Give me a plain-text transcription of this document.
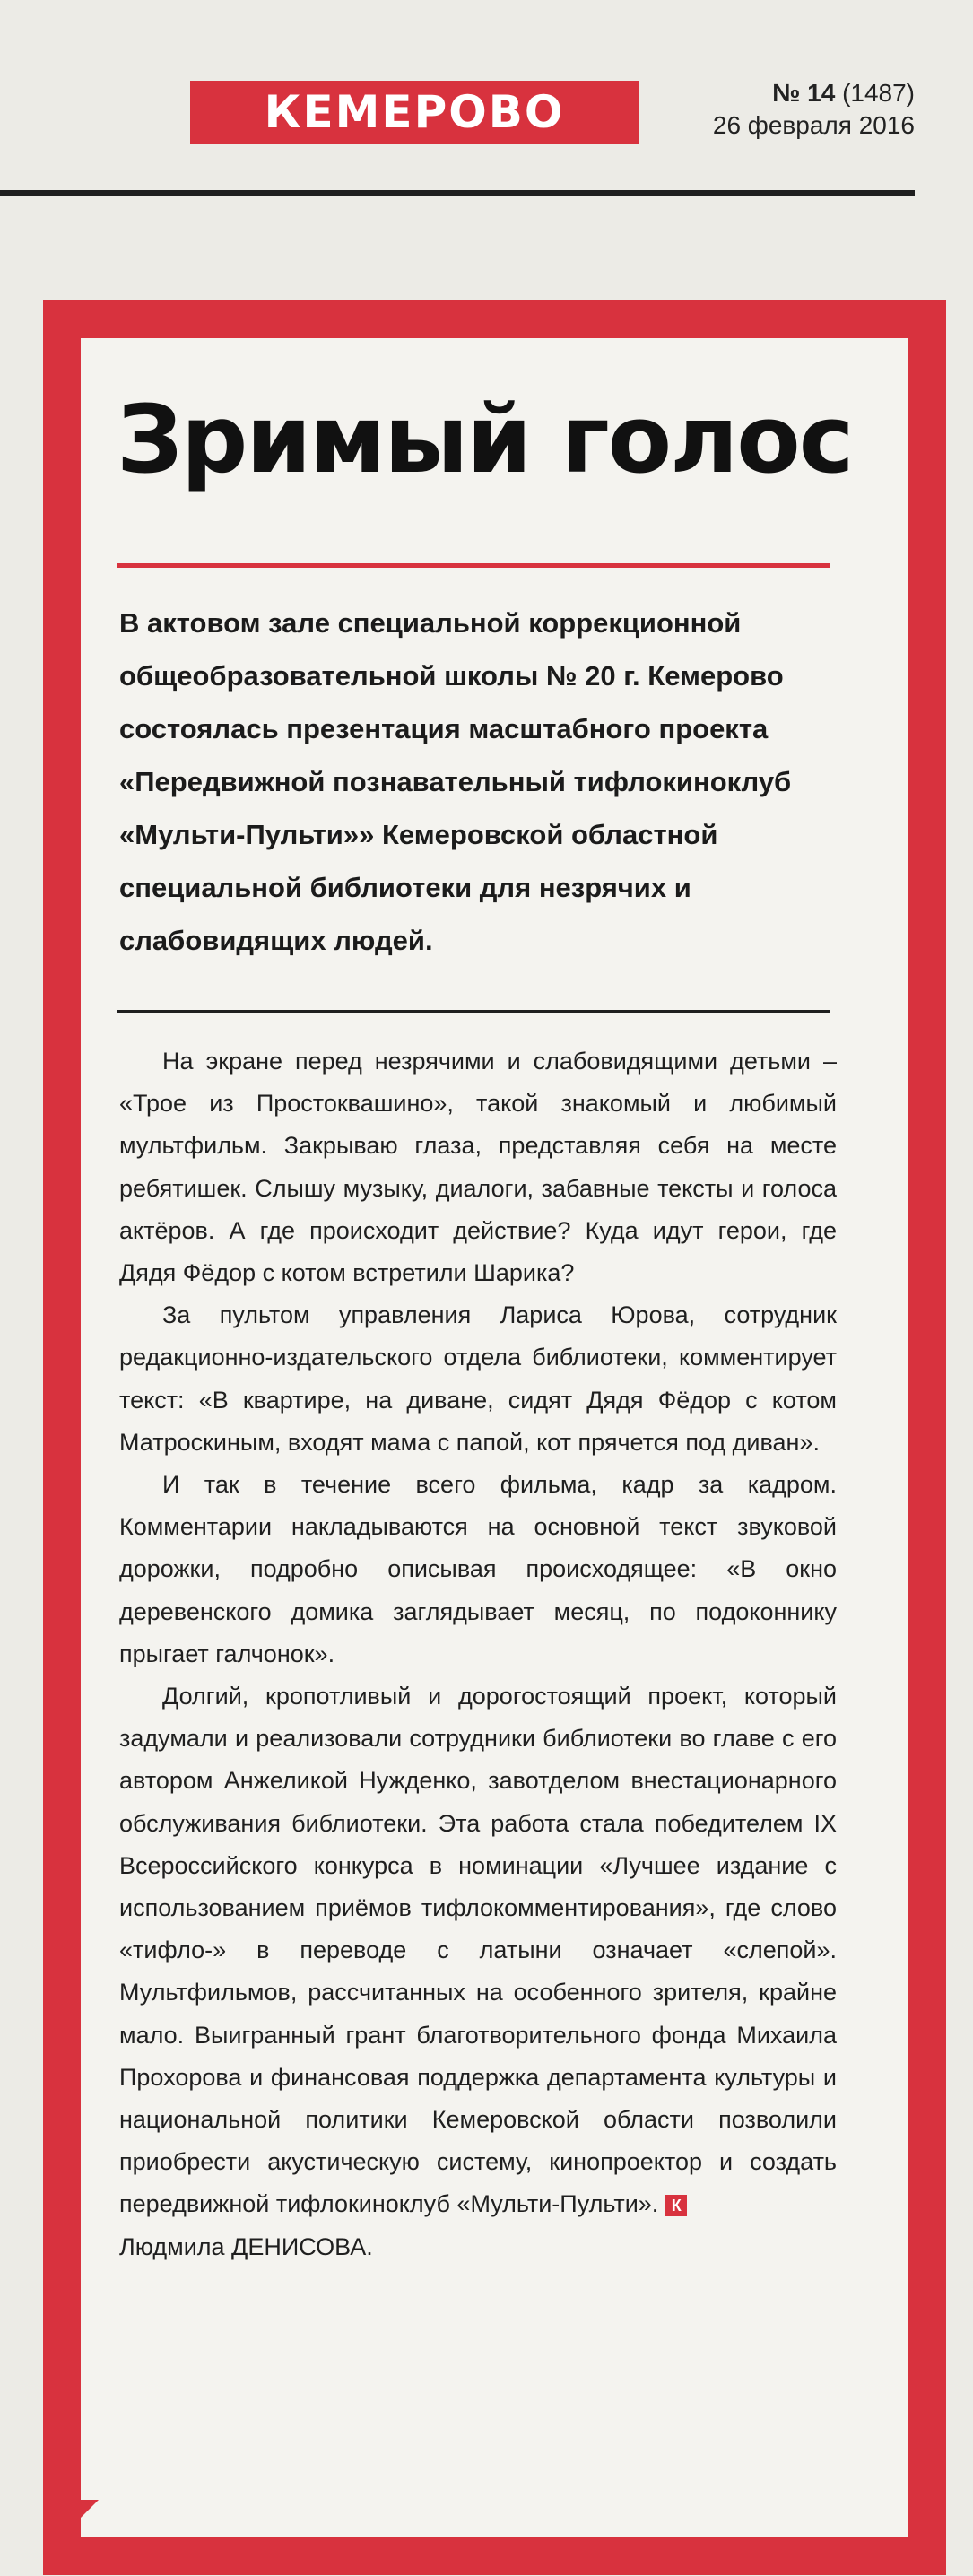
КЕМЕРОВО	№ 14 (1487)
26 февраля 2016
Зримый голос

В актовом зале специальной коррекционной общеобразовательной школы № 20 г. Кемерово состоялась презентация масштабного проекта «Передвижной познавательный тифлокиноклуб «Мульти-Пульти»» Кемеровской областной специальной библиотеки для незрячих и слабовидящих людей.

На экране перед незрячими и слабовидящими детьми – «Трое из Простоквашино», такой знакомый и любимый мультфильм. Закрываю глаза, представляя себя на месте ребятишек. Слышу музыку, диалоги, забавные тексты и голоса актёров. А где происходит действие? Куда идут герои, где Дядя Фёдор с котом встретили Шарика?

За пультом управления Лариса Юрова, сотрудник редакционно-издательского отдела библиотеки, комментирует текст: «В квартире, на диване, сидят Дядя Фёдор с котом Матроскиным, входят мама с папой, кот прячется под диван».

И так в течение всего фильма, кадр за кадром. Комментарии накладываются на основной текст звуковой дорожки, подробно описывая происходящее: «В окно деревенского домика заглядывает месяц, по подоконнику прыгает галчонок».

Долгий, кропотливый и дорогостоящий проект, который задумали и реализовали сотрудники библиотеки во главе с его автором Анжеликой Нужденко, завотделом внестационарного обслуживания библиотеки. Эта работа стала победителем IX Всероссийского конкурса в номинации «Лучшее издание с использованием приёмов тифлокомментирования», где слово «тифло-» в переводе с латыни означает «слепой». Мультфильмов, рассчитанных на особенного зрителя, крайне мало. Выигранный грант благотворительного фонда Михаила Прохорова и финансовая поддержка департамента культуры и национальной политики Кемеровской области позволили приобрести акустическую систему, кинопроектор и создать передвижной тифлокиноклуб «Мульти-Пульти». К

Людмила ДЕНИСОВА.
